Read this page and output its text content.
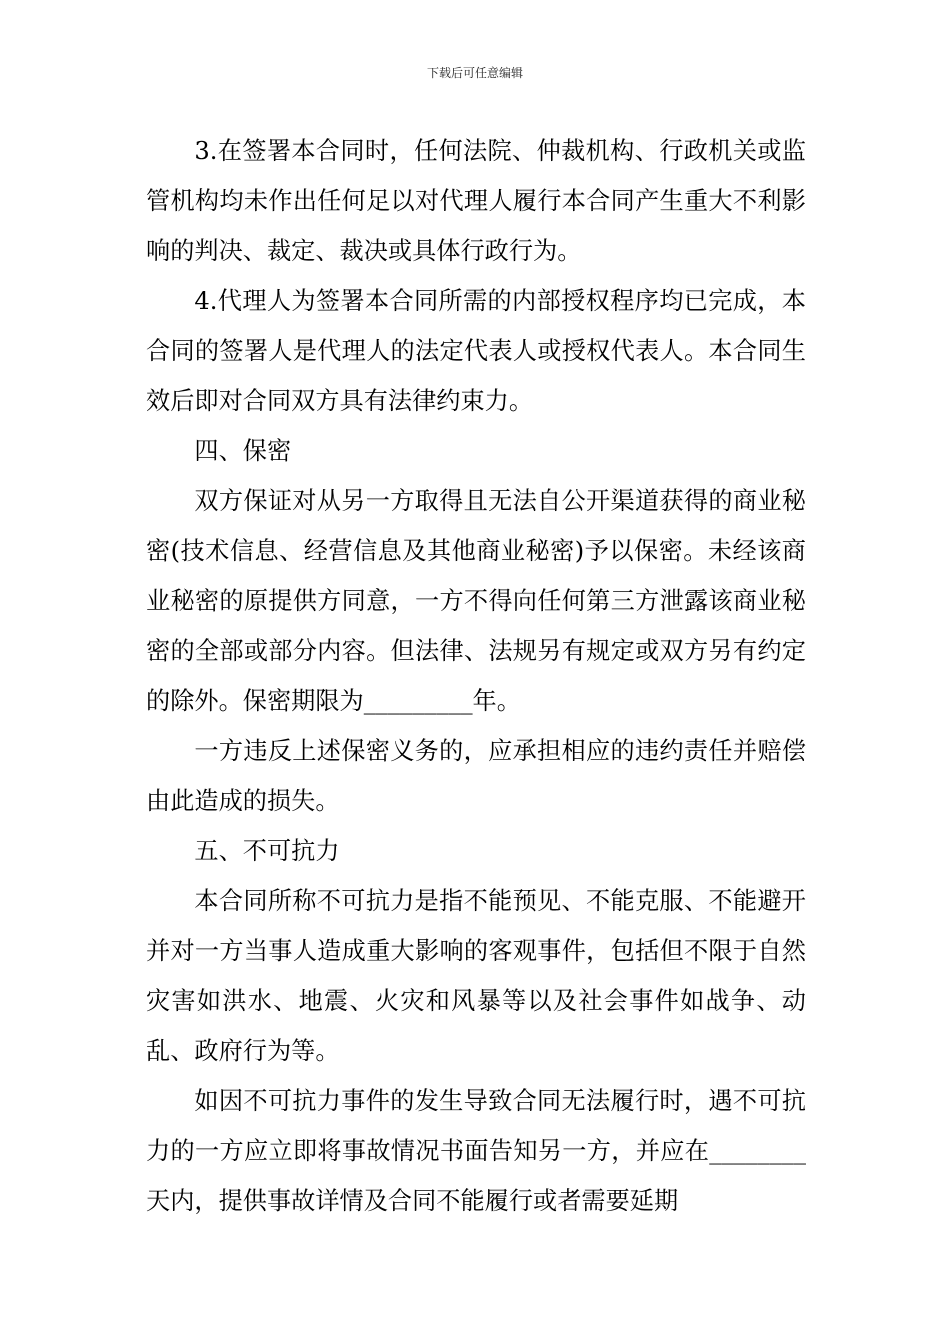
下载后可任意编辑

3.在签署本合同时，任何法院、仲裁机构、行政机关或监管机构均未作出任何足以对代理人履行本合同产生重大不利影响的判决、裁定、裁决或具体行政行为。

4.代理人为签署本合同所需的内部授权程序均已完成，本合同的签署人是代理人的法定代表人或授权代表人。本合同生效后即对合同双方具有法律约束力。

四、保密

双方保证对从另一方取得且无法自公开渠道获得的商业秘密(技术信息、经营信息及其他商业秘密)予以保密。未经该商业秘密的原提供方同意，一方不得向任何第三方泄露该商业秘密的全部或部分内容。但法律、法规另有规定或双方另有约定的除外。保密期限为_________年。

一方违反上述保密义务的，应承担相应的违约责任并赔偿由此造成的损失。

五、不可抗力

本合同所称不可抗力是指不能预见、不能克服、不能避开并对一方当事人造成重大影响的客观事件，包括但不限于自然灾害如洪水、地震、火灾和风暴等以及社会事件如战争、动乱、政府行为等。

如因不可抗力事件的发生导致合同无法履行时，遇不可抗力的一方应立即将事故情况书面告知另一方，并应在________天内，提供事故详情及合同不能履行或者需要延期
